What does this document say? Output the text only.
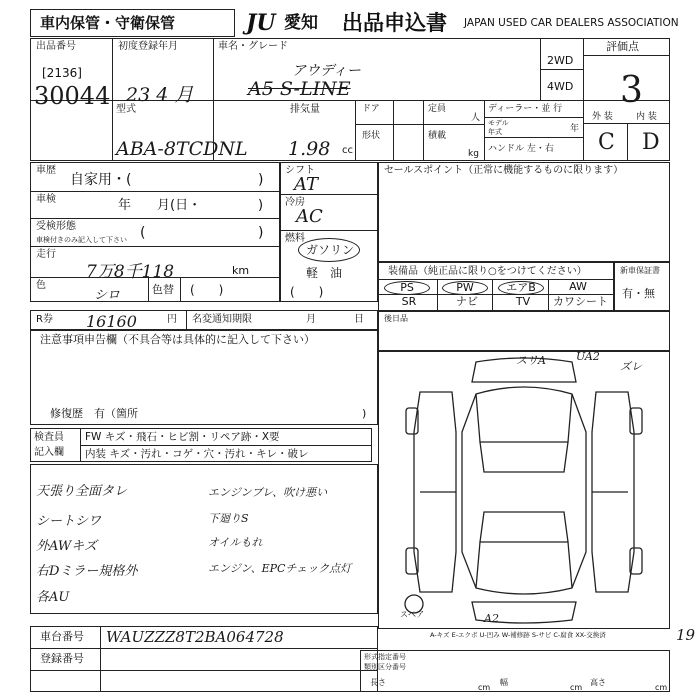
車内保管・守衛保管	JU 愛知 出品申込書 JAPAN USED CAR DEALERS ASSOCIATION
出品番号
[2136]
30044
初度登録年月
23 4 月
車名・グレード
アウディー
A5 S-LINE
2WD
4WD
評価点
3
型式
ABA-8TCDNL
排気量
1.98 cc
ドア	定員
人
形状	積載
kg
ディーラー・並 行
モデル
年式	年
ハンドル 左・右
外 装	内 装
C D
車歴
自家用・(	)
車検	年　　月(日・	)
受検形態
車検付きのみ記入して下さい (	)
走行
7万8千118	km
色
シロ	色替 (　　)
シフト
AT
冷房
AC
燃料
ガソリン
軽　油
(　　)
セールスポイント（正常に機能するものに限ります）
装備品（純正品に限り○をつけてください）
PS	PW	エアB	AW
SR	ナビ	TV	カワシート
新車保証書
有・無
R券 16160	円 名変通知期限	月	日	後日品
注意事項申告欄（不具合等は具体的に記入して下さい）
修復歴　有（箇所	)
検査員
記入欄
FW キズ・飛石・ヒビ割・リペア跡・X要
内装 キズ・汚れ・コゲ・穴・汚れ・キレ・破レ
天張り全面タレ
シートシワ
外AWキズ
右Dミラー規格外
各AU
エンジンブレ、吹け悪い
下廻りS
オイルもれ
エンジン、EPCチェック点灯
スリA	UA2
ズレ
A2
スペア
A-キズ E-エクボ U-凹み W-補修跡 S-サビ C-腐食 XX-交換済
車台番号 WAUZZZ8T2BA064728
登録番号	形式指定番号
類別区分番号
長さ
cm
幅
cm
高さ
cm
19
